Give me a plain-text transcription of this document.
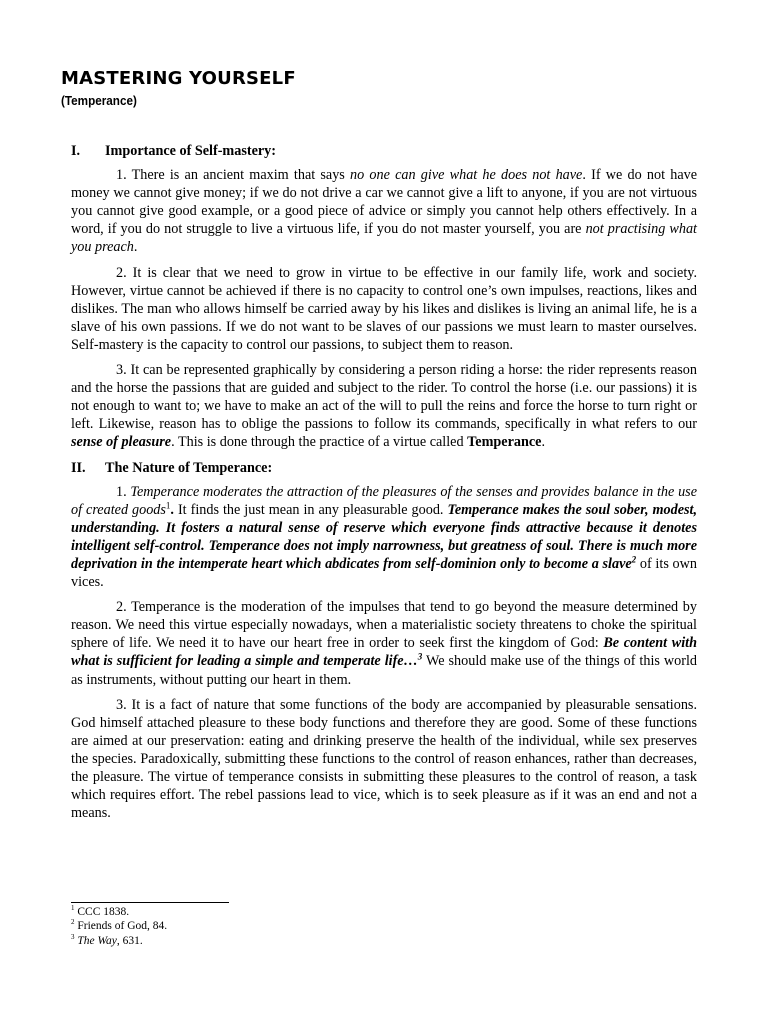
MASTERING YOURSELF
(Temperance)
I. Importance of Self-mastery:

1. There is an ancient maxim that says no one can give what he does not have. If we do not have money we cannot give money; if we do not drive a car we cannot give a lift to anyone, if you are not virtuous you cannot give good example, or a good piece of advice or simply you cannot help others effectively. In a word, if you do not struggle to live a virtuous life, if you do not master yourself, you are not practising what you preach.

2. It is clear that we need to grow in virtue to be effective in our family life, work and society. However, virtue cannot be achieved if there is no capacity to control one’s own impulses, reactions, likes and dislikes. The man who allows himself be carried away by his likes and dislikes is living an animal life, he is a slave of his own passions. If we do not want to be slaves of our passions we must learn to master ourselves. Self-mastery is the capacity to control our passions, to subject them to reason.

3. It can be represented graphically by considering a person riding a horse: the rider represents reason and the horse the passions that are guided and subject to the rider. To control the horse (i.e. our passions) it is not enough to want to; we have to make an act of the will to pull the reins and force the horse to turn right or left. Likewise, reason has to oblige the passions to follow its commands, specifically in what refers to our sense of pleasure. This is done through the practice of a virtue called Temperance.

II. The Nature of Temperance:

1. Temperance moderates the attraction of the pleasures of the senses and provides balance in the use of created goods$^1$. It finds the just mean in any pleasurable good. Temperance makes the soul sober, modest, understanding. It fosters a natural sense of reserve which everyone finds attractive because it denotes intelligent self-control. Temperance does not imply narrowness, but greatness of soul. There is much more deprivation in the intemperate heart which abdicates from self-dominion only to become a slave$^2$ of its own vices.

2. Temperance is the moderation of the impulses that tend to go beyond the measure determined by reason. We need this virtue especially nowadays, when a materialistic society threatens to choke the spiritual sphere of life. We need it to have our heart free in order to seek first the kingdom of God: Be content with what is sufficient for leading a simple and temperate life…$^3$ We should make use of the things of this world as instruments, without putting our heart in them.

3. It is a fact of nature that some functions of the body are accompanied by pleasurable sensations. God himself attached pleasure to these body functions and therefore they are good. Some of these functions are aimed at our preservation: eating and drinking preserve the health of the individual, while sex preserves the species. Paradoxically, submitting these functions to the control of reason enhances, rather than decreases, the pleasure. The virtue of temperance consists in submitting these pleasures to the control of reason, a task which requires effort. The rebel passions lead to vice, which is to seek pleasure as if it was an end and not a means.

$^1$ CCC 1838.
$^2$ Friends of God, 84.
$^3$ The Way, 631.
